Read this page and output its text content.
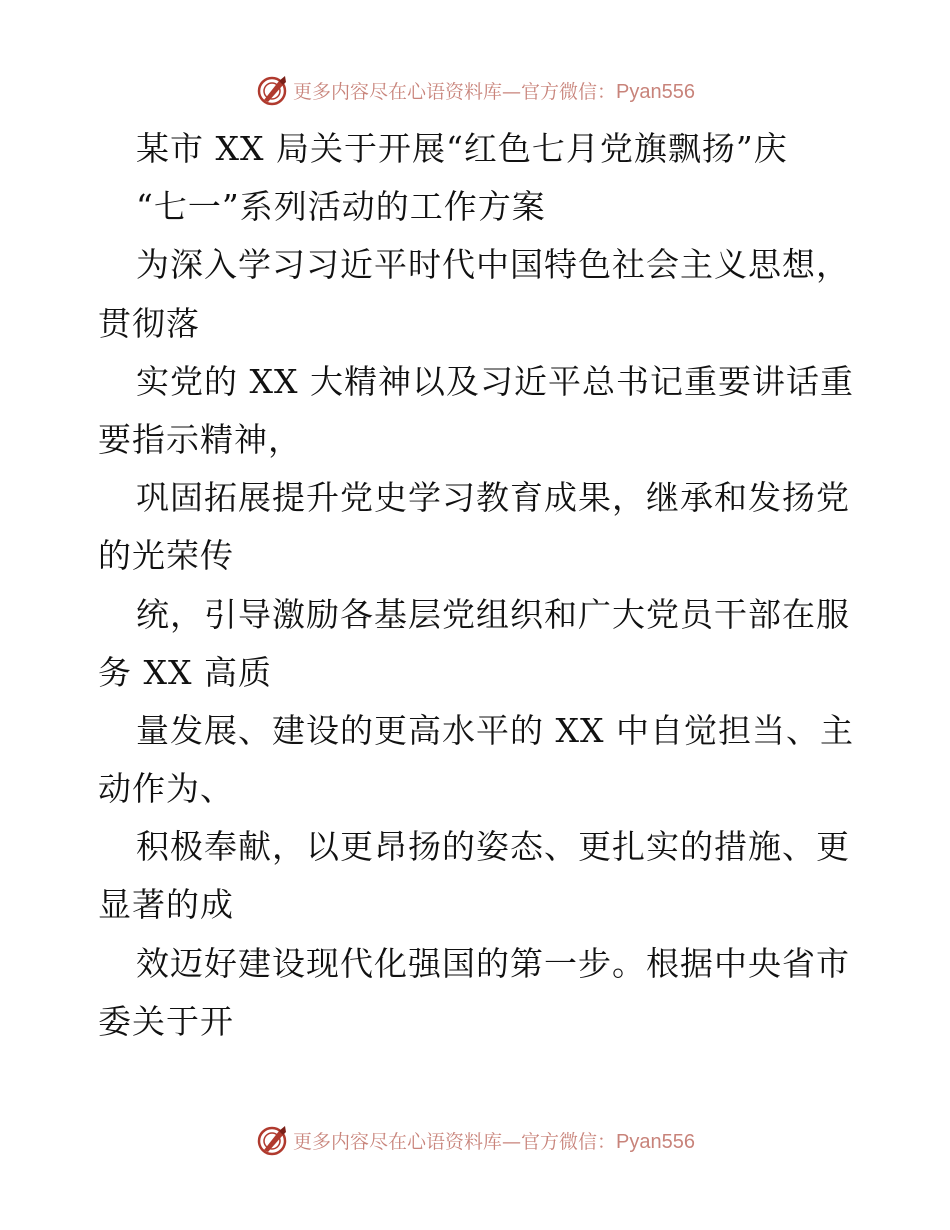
更多内容尽在心语资料库—官方微信：Pyan556
某市 XX 局关于开展“红色七月党旗飘扬”庆
“七一”系列活动的工作方案
为深入学习习近平时代中国特色社会主义思想，
贯彻落
实党的 XX 大精神以及习近平总书记重要讲话重
要指示精神，
巩固拓展提升党史学习教育成果，继承和发扬党
的光荣传
统，引导激励各基层党组织和广大党员干部在服
务 XX 高质
量发展、建设的更高水平的 XX 中自觉担当、主
动作为、
积极奉献，以更昂扬的姿态、更扎实的措施、更
显著的成
效迈好建设现代化强国的第一步。根据中央省市
委关于开
更多内容尽在心语资料库—官方微信：Pyan556
